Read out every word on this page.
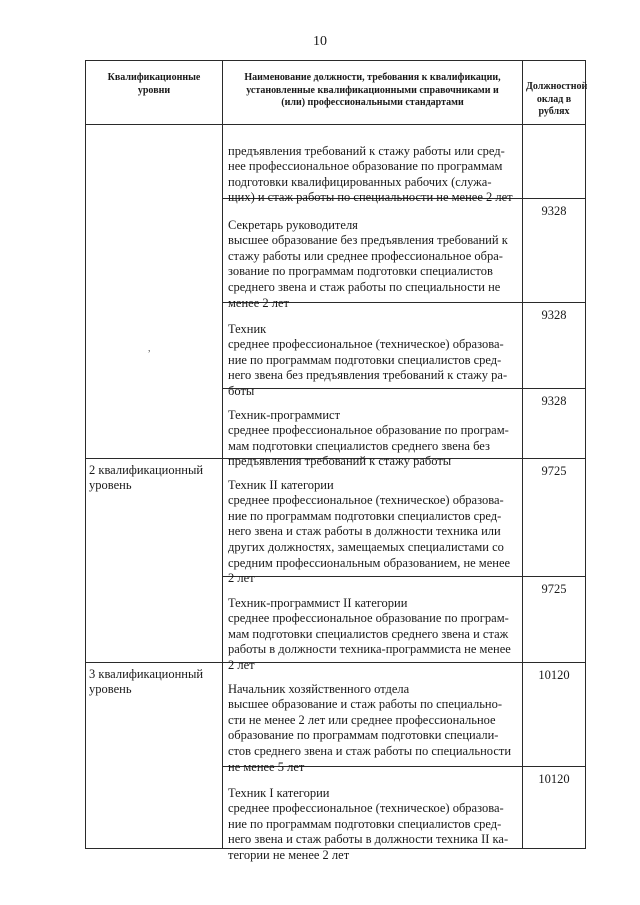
10
Квалификационные
уровни
Наименование должности, требования к квалификации,
установленные квалификационными справочниками и
(или) профессиональными стандартами
Должностной
оклад в рублях

предъявления требований к стажу работы или сред-
нее профессиональное образование по программам
подготовки квалифицированных рабочих (служа-
щих) и стаж работы по специальности не менее 2 лет

Секретарь руководителя
высшее образование без предъявления требований к
стажу работы или среднее профессиональное обра-
зование по программам подготовки специалистов
среднего звена и стаж работы по специальности не
менее 2 лет

9328

Техник
среднее профессиональное (техническое) образова-
ние по программам подготовки специалистов сред-
него звена без предъявления требований к стажу ра-
боты

9328

Техник-программист
среднее профессиональное образование по програм-
мам подготовки специалистов среднего звена без
предъявления требований к стажу работы

9328
2 квалификационный
уровень	Техник II категории
среднее профессиональное (техническое) образова-
ние по программам подготовки специалистов сред-
него звена и стаж работы в должности техника или
других должностях, замещаемых специалистами со
средним профессиональным образованием, не менее
2 лет

9725

Техник-программист II категории
среднее профессиональное образование по програм-
мам подготовки специалистов среднего звена и стаж
работы в должности техника-программиста не менее
2 лет

9725
3 квалификационный
уровень	Начальник хозяйственного отдела
высшее образование и стаж работы по специально-
сти не менее 2 лет или среднее профессиональное
образование по программам подготовки специали-
стов среднего звена и стаж работы по специальности
не менее 5 лет

10120

Техник I категории
среднее профессиональное (техническое) образова-
ние по программам подготовки специалистов сред-
него звена и стаж работы в должности техника II ка-
тегории не менее 2 лет

10120
,
